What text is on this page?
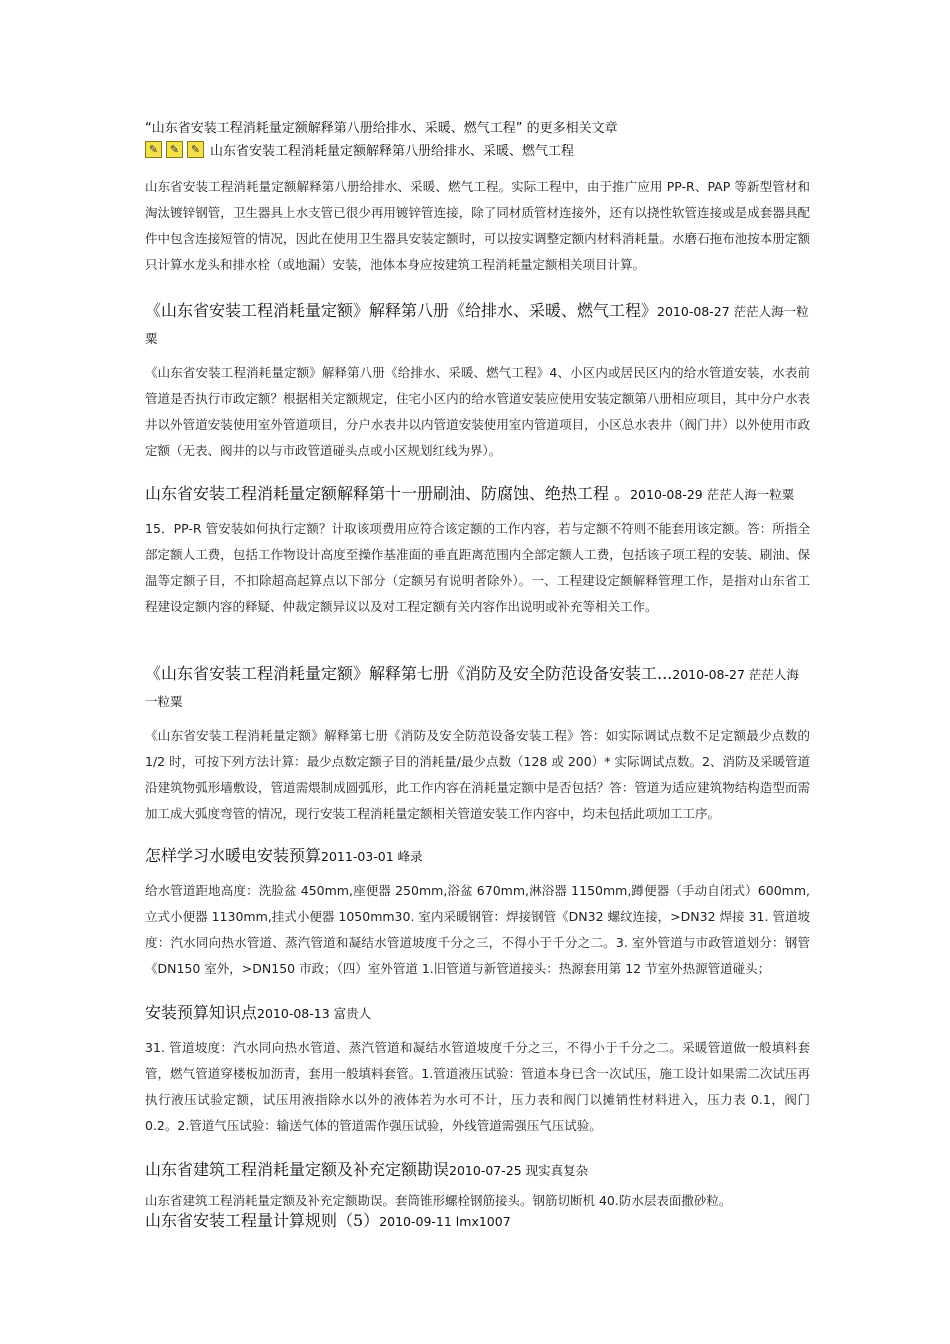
“山东省安装工程消耗量定额解释第八册给排水、采暖、燃气工程” 的更多相关文章
✎	✎	✎ 山东省安装工程消耗量定额解释第八册给排水、采暖、燃气工程
山东省安装工程消耗量定额解释第八册给排水、采暖、燃气工程。实际工程中，由于推广应用 PP-R、PAP 等新型管材和淘汰镀锌钢管，卫生器具上水支管已很少再用镀锌管连接，除了同材质管材连接外，还有以挠性软管连接或是成套器具配件中包含连接短管的情况，因此在使用卫生器具安装定额时，可以按实调整定额内材料消耗量。水磨石拖布池按本册定额只计算水龙头和排水栓（或地漏）安装，池体本身应按建筑工程消耗量定额相关项目计算。
《山东省安装工程消耗量定额》解释第八册《给排水、采暖、燃气工程》2010-08-27 茫茫人海一粒粟
《山东省安装工程消耗量定额》解释第八册《给排水、采暖、燃气工程》4、小区内或居民区内的给水管道安装，水表前管道是否执行市政定额？根据相关定额规定，住宅小区内的给水管道安装应使用安装定额第八册相应项目，其中分户水表井以外管道安装使用室外管道项目，分户水表井以内管道安装使用室内管道项目，小区总水表井（阀门井）以外使用市政定额（无表、阀井的以与市政管道碰头点或小区规划红线为界）。
山东省安装工程消耗量定额解释第十一册刷油、防腐蚀、绝热工程 。2010-08-29 茫茫人海一粒粟
15．PP-R 管安装如何执行定额？计取该项费用应符合该定额的工作内容，若与定额不符则不能套用该定额。答：所指全部定额人工费，包括工作物设计高度至操作基准面的垂直距离范围内全部定额人工费，包括该子项工程的安装、刷油、保温等定额子目，不扣除超高起算点以下部分（定额另有说明者除外）。一、工程建设定额解释管理工作，是指对山东省工程建设定额内容的释疑、仲裁定额异议以及对工程定额有关内容作出说明或补充等相关工作。
《山东省安装工程消耗量定额》解释第七册《消防及安全防范设备安装工...2010-08-27 茫茫人海一粒粟
《山东省安装工程消耗量定额》解释第七册《消防及安全防范设备安装工程》答：如实际调试点数不足定额最少点数的 1/2 时，可按下列方法计算：最少点数定额子目的消耗量/最少点数（128 或 200）* 实际调试点数。2、消防及采暖管道沿建筑物弧形墙敷设，管道需煨制成圆弧形，此工作内容在消耗量定额中是否包括？答：管道为适应建筑物结构造型而需加工成大弧度弯管的情况，现行安装工程消耗量定额相关管道安装工作内容中，均未包括此项加工工序。
怎样学习水暖电安装预算2011-03-01 峰录
给水管道距地高度：洗脸盆 450mm,座便器 250mm,浴盆 670mm,淋浴器 1150mm,蹲便器（手动自闭式）600mm,立式小便器 1130mm,挂式小便器 1050mm30. 室内采暖钢管：焊接钢管《DN32 螺纹连接，>DN32 焊接 31. 管道坡度：汽水同向热水管道、蒸汽管道和凝结水管道坡度千分之三，不得小于千分之二。3. 室外管道与市政管道划分：钢管《DN150 室外，>DN150 市政；（四）室外管道 1.旧管道与新管道接头：热源套用第 12 节室外热源管道碰头；
安装预算知识点2010-08-13 富贵人
31. 管道坡度：汽水同向热水管道、蒸汽管道和凝结水管道坡度千分之三，不得小于千分之二。采暖管道做一般填料套管，燃气管道穿楼板加沥青，套用一般填料套管。1.管道液压试验：管道本身已含一次试压，施工设计如果需二次试压再执行液压试验定额，试压用液指除水以外的液体若为水可不计，压力表和阀门以摊销性材料进入，压力表 0.1，阀门 0.2。2.管道气压试验：输送气体的管道需作强压试验，外线管道需强压气压试验。
山东省建筑工程消耗量定额及补充定额勘误2010-07-25 现实真复杂
山东省建筑工程消耗量定额及补充定额勘误。套筒锥形螺栓钢筋接头。钢筋切断机 40.防水层表面撒砂粒。
山东省安装工程量计算规则（5）2010-09-11 lmx1007
